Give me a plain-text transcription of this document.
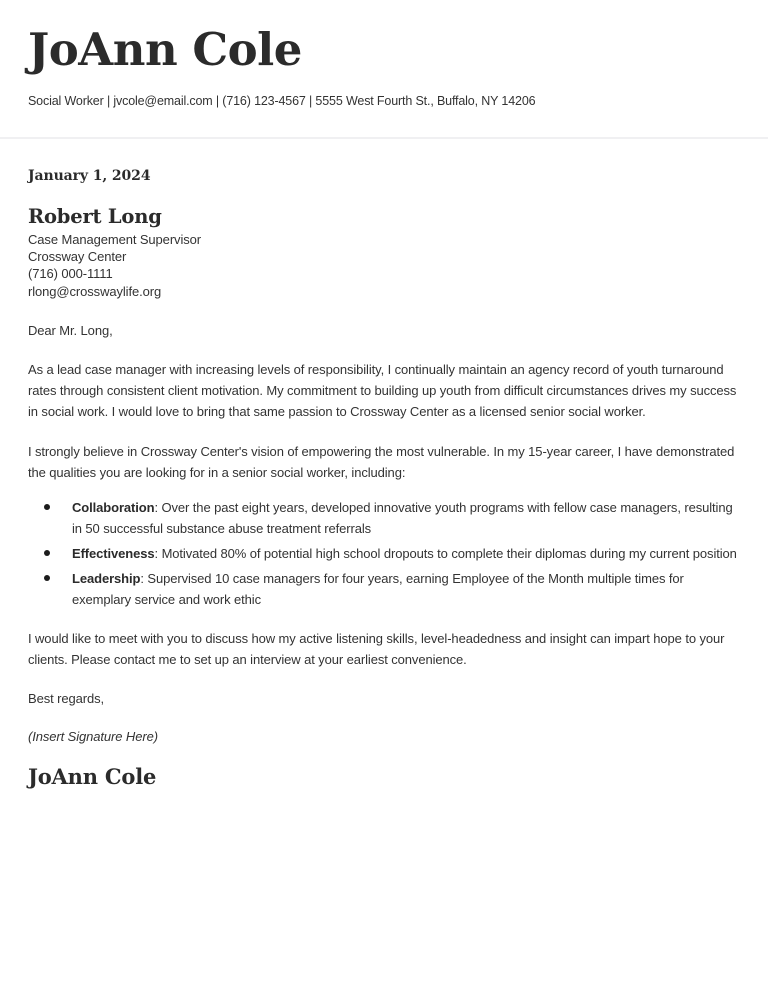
JoAnn Cole
Social Worker | jvcole@email.com | (716) 123-4567 | 5555 West Fourth St., Buffalo, NY 14206
January 1, 2024
Robert Long
Case Management Supervisor
Crossway Center
(716) 000-1111
rlong@crosswaylife.org
Dear Mr. Long,

As a lead case manager with increasing levels of responsibility, I continually maintain an agency record of youth turnaround rates through consistent client motivation. My commitment to building up youth from difficult circumstances drives my success in social work. I would love to bring that same passion to Crossway Center as a licensed senior social worker.

I strongly believe in Crossway Center's vision of empowering the most vulnerable. In my 15-year career, I have demonstrated the qualities you are looking for in a senior social worker, including:

Collaboration: Over the past eight years, developed innovative youth programs with fellow case managers, resulting in 50 successful substance abuse treatment referrals
Effectiveness: Motivated 80% of potential high school dropouts to complete their diplomas during my current position
Leadership: Supervised 10 case managers for four years, earning Employee of the Month multiple times for exemplary service and work ethic

I would like to meet with you to discuss how my active listening skills, level-headedness and insight can impart hope to your clients. Please contact me to set up an interview at your earliest convenience.

Best regards,
(Insert Signature Here)
JoAnn Cole
